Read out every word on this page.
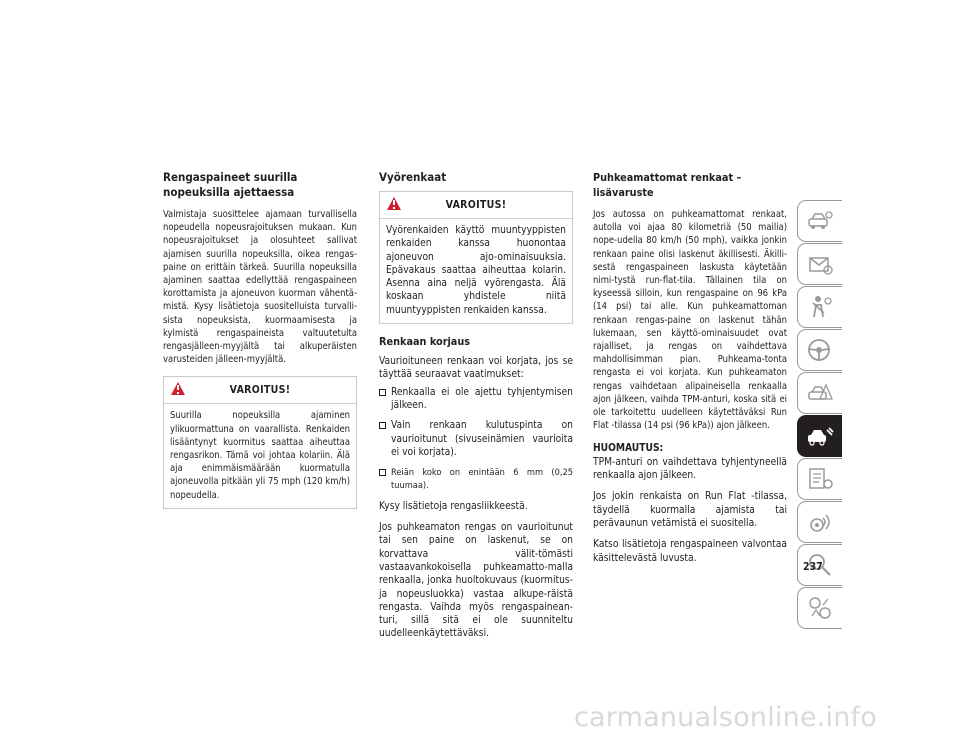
Rengaspaineet suurilla nopeuksilla ajettaessa

Valmistaja suosittelee ajamaan turvallisella nopeudella nopeusrajoituksen mukaan. Kun nopeusrajoitukset ja olosuhteet sallivat ajamisen suurilla nopeuksilla, oikea rengas-paine on erittäin tärkeä. Suurilla nopeuksilla ajaminen saattaa edellyttää rengaspaineen korottamista ja ajoneuvon kuorman vähentä-mistä. Kysy lisätietoja suositelluista turvalli-sista nopeuksista, kuormaamisesta ja kylmistä rengaspaineista valtuutetulta rengasjälleen-myyjältä tai alkuperäisten varusteiden jälleen-myyjältä.

VAROITUS!

Suurilla nopeuksilla ajaminen ylikuormattuna on vaarallista. Renkaiden lisääntynyt kuormitus saattaa aiheuttaa rengasrikon. Tämä voi johtaa kolariin. Älä aja enimmäismäärään kuormatulla ajoneuvolla pitkään yli 75 mph (120 km/h) nopeudella.

Vyörenkaat
VAROITUS!

Vyörenkaiden käyttö muuntyyppisten renkaiden kanssa huonontaa ajoneuvon ajo-ominaisuuksia. Epävakaus saattaa aiheuttaa kolarin. Asenna aina neljä vyörengasta. Älä koskaan yhdistele niitä muuntyyppisten renkaiden kanssa.

Renkaan korjaus

Vaurioituneen renkaan voi korjata, jos se täyttää seuraavat vaatimukset:

Renkaalla ei ole ajettu tyhjentymisen jälkeen.
Vain renkaan kulutuspinta on vaurioitunut (sivuseinämien vaurioita ei voi korjata).
Reiän koko on enintään 6 mm (0,25 tuumaa).

Kysy lisätietoja rengasliikkeestä.

Jos puhkeamaton rengas on vaurioitunut tai sen paine on laskenut, se on korvattava välit-tömästi vastaavankokoisella puhkeamatto-malla renkaalla, jonka huoltokuvaus (kuormitus- ja nopeusluokka) vastaa alkupe-räistä rengasta. Vaihda myös rengaspainean-turi, sillä sitä ei ole suunniteltu uudelleenkäytettäväksi.

Puhkeamattomat renkaat – lisävaruste

Jos autossa on puhkeamattomat renkaat, autolla voi ajaa 80 kilometriä (50 mailia) nope-udella 80 km/h (50 mph), vaikka jonkin renkaan paine olisi laskenut äkillisesti. Äkilli-sestä rengaspaineen laskusta käytetään nimi-tystä run-flat-tila. Tällainen tila on kyseessä silloin, kun rengaspaine on 96 kPa (14 psi) tai alle. Kun puhkeamattoman renkaan rengas-paine on laskenut tähän lukemaan, sen käyttö-ominaisuudet ovat rajalliset, ja rengas on vaihdettava mahdollisimman pian. Puhkeama-tonta rengasta ei voi korjata. Kun puhkeamaton rengas vaihdetaan alipaineisella renkaalla ajon jälkeen, vaihda TPM-anturi, koska sitä ei ole tarkoitettu uudelleen käytettäväksi Run Flat -tilassa (14 psi (96 kPa)) ajon jälkeen.

HUOMAUTUS:

TPM-anturi on vaihdettava tyhjentyneellä renkaalla ajon jälkeen.

Jos jokin renkaista on Run Flat -tilassa, täydellä kuormalla ajamista tai perävaunun vetämistä ei suositella.

Katso lisätietoja rengaspaineen valvontaa käsittelevästä luvusta.

237
carmanualsonline.info
